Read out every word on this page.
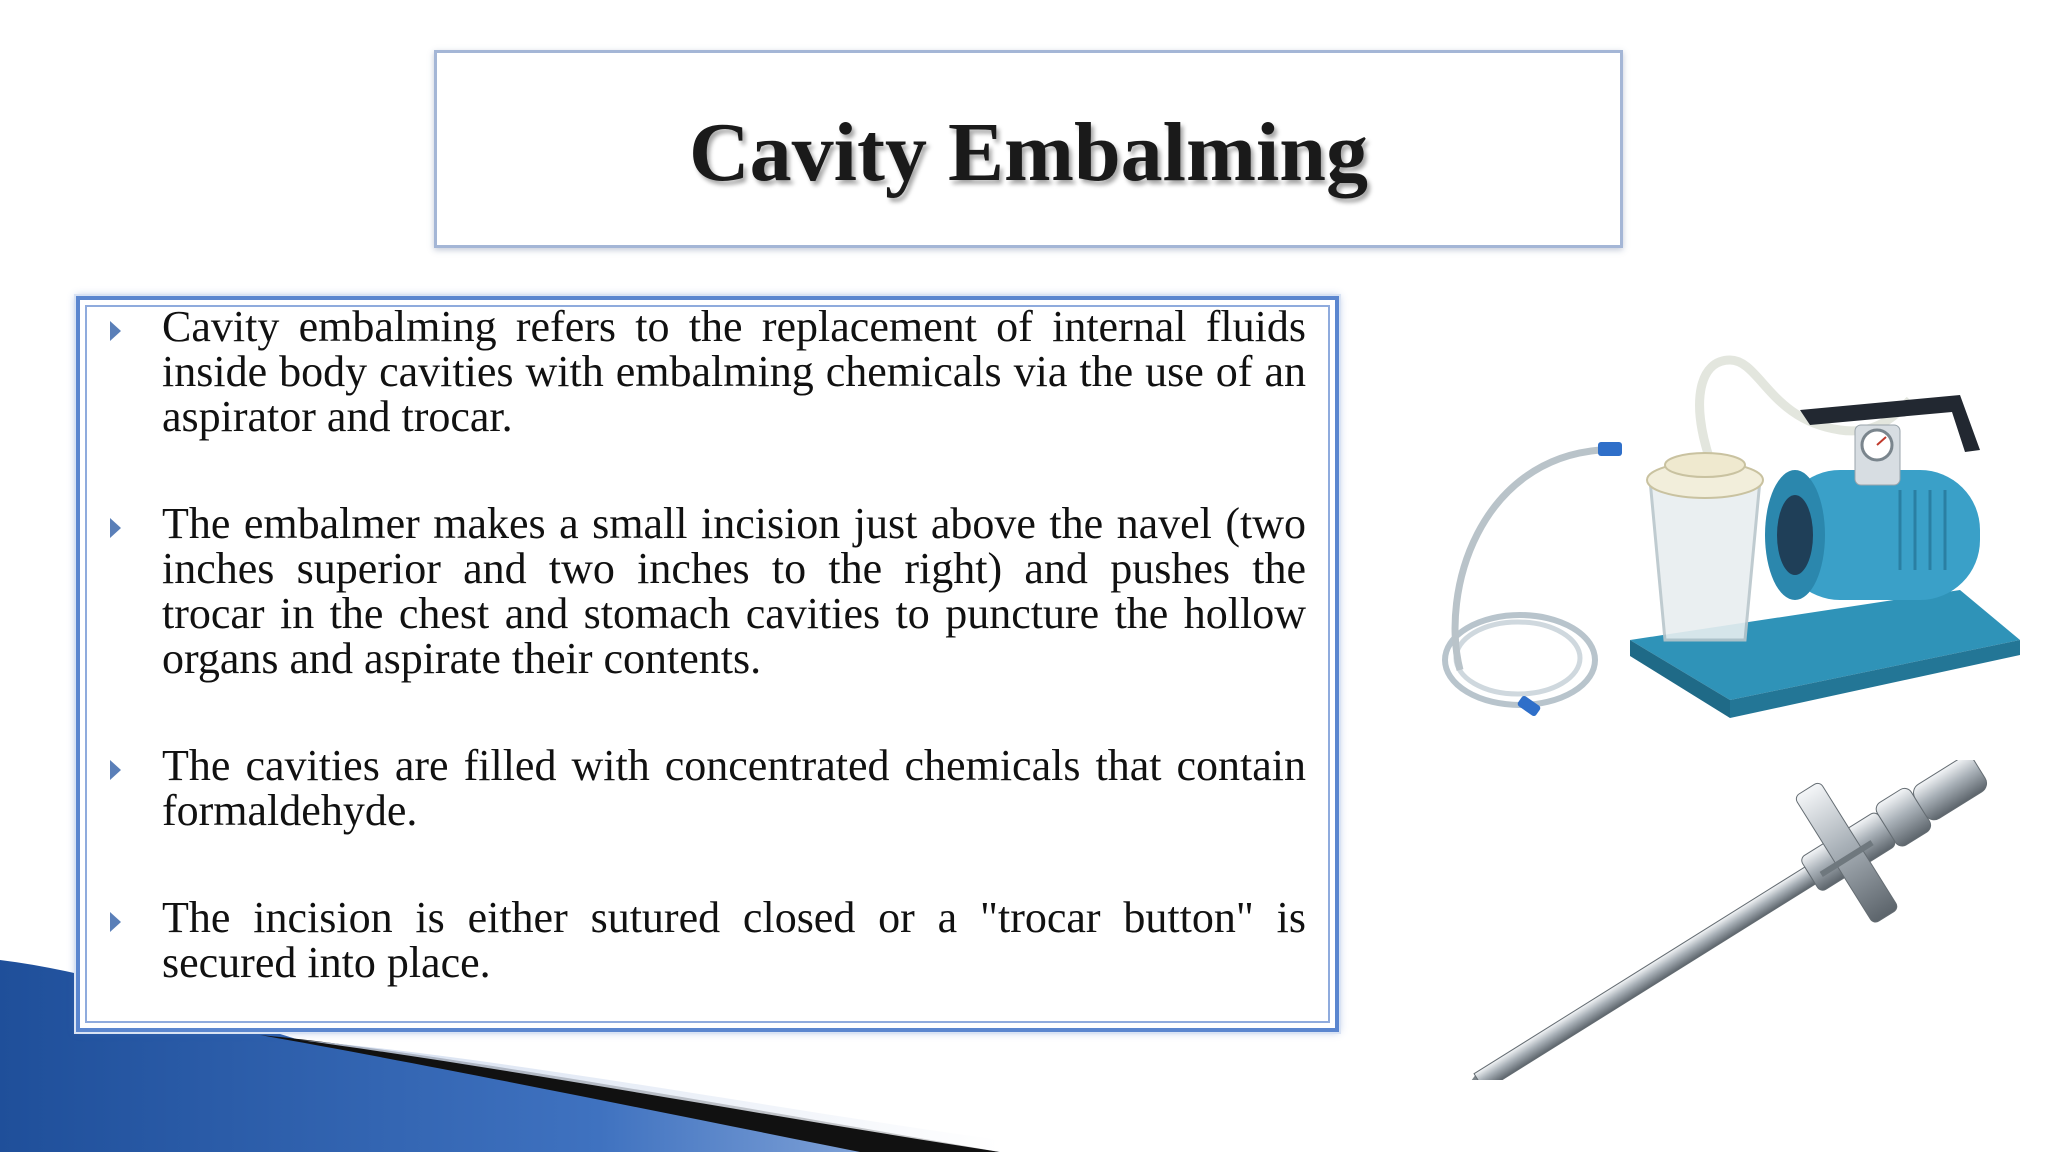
Cavity Embalming
Cavity embalming refers to the replacement of internal fluids inside body cavities with embalming chemicals via the use of an aspirator and trocar.
The embalmer makes a small incision just above the navel (two inches superior and two inches to the right) and pushes the trocar in the chest and stomach cavities to puncture the hollow organs and aspirate their contents.
The cavities are filled with concentrated chemicals that contain formaldehyde.
The incision is either sutured closed or a "trocar button" is secured into place.
